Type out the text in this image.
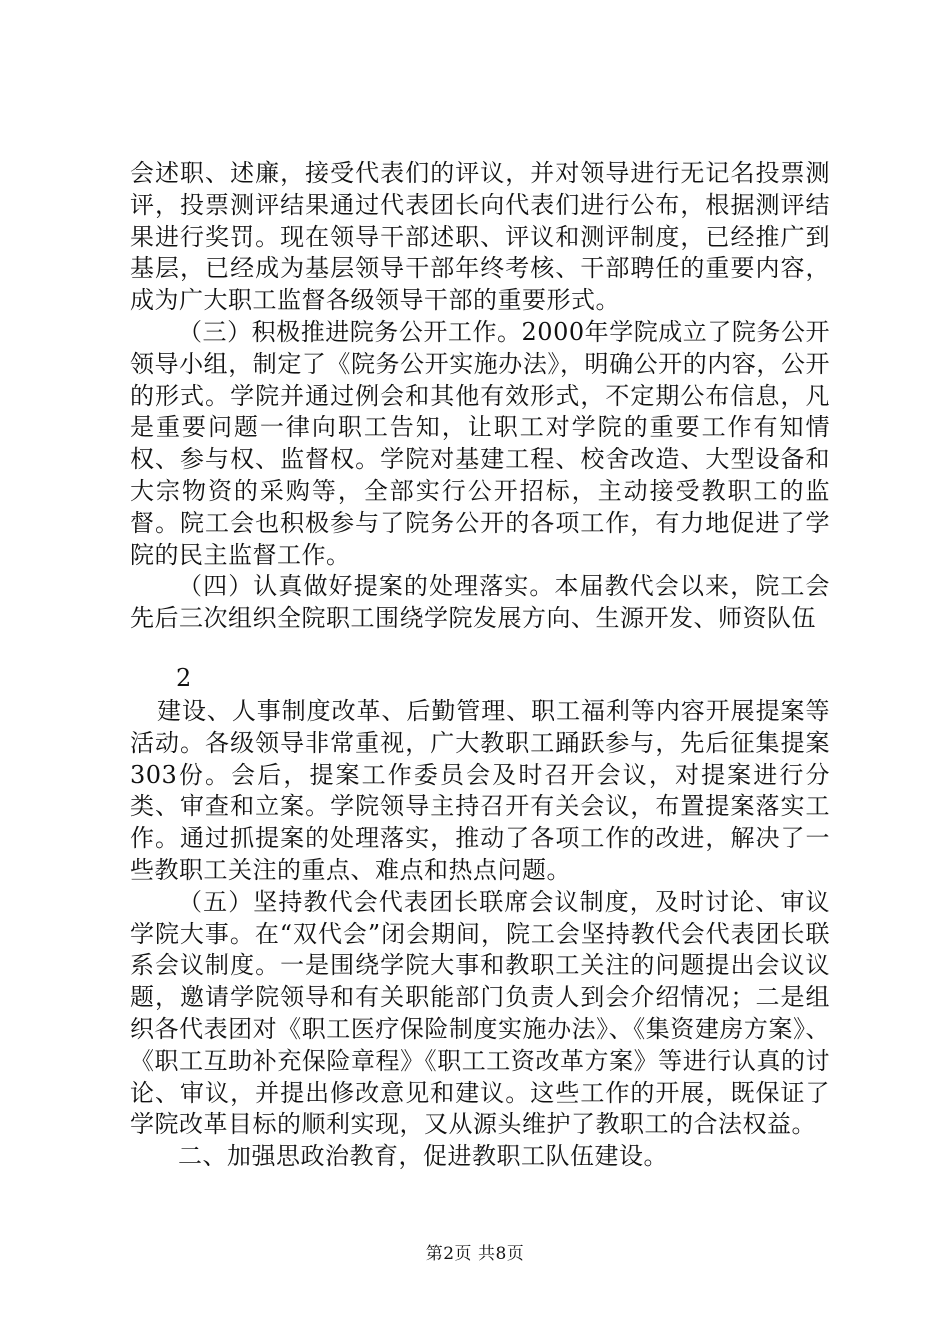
会述职、述廉，接受代表们的评议，并对领导进行无记名投票测评，投票测评结果通过代表团长向代表们进行公布，根据测评结果进行奖罚。现在领导干部述职、评议和测评制度，已经推广到基层，已经成为基层领导干部年终考核、干部聘任的重要内容，成为广大职工监督各级领导干部的重要形式。

（三）积极推进院务公开工作。2000年学院成立了院务公开领导小组，制定了《院务公开实施办法》，明确公开的内容，公开的形式。学院并通过例会和其他有效形式，不定期公布信息，凡是重要问题一律向职工告知，让职工对学院的重要工作有知情权、参与权、监督权。学院对基建工程、校舍改造、大型设备和大宗物资的采购等，全部实行公开招标，主动接受教职工的监督。院工会也积极参与了院务公开的各项工作，有力地促进了学院的民主监督工作。

（四）认真做好提案的处理落实。本届教代会以来，院工会先后三次组织全院职工围绕学院发展方向、生源开发、师资队伍

2

建设、人事制度改革、后勤管理、职工福利等内容开展提案等活动。各级领导非常重视，广大教职工踊跃参与，先后征集提案303份。会后，提案工作委员会及时召开会议，对提案进行分类、审查和立案。学院领导主持召开有关会议，布置提案落实工作。通过抓提案的处理落实，推动了各项工作的改进，解决了一些教职工关注的重点、难点和热点问题。

（五）坚持教代会代表团长联席会议制度，及时讨论、审议学院大事。在“双代会”闭会期间，院工会坚持教代会代表团长联系会议制度。一是围绕学院大事和教职工关注的问题提出会议议题，邀请学院领导和有关职能部门负责人到会介绍情况；二是组织各代表团对《职工医疗保险制度实施办法》、《集资建房方案》、《职工互助补充保险章程》《职工工资改革方案》等进行认真的讨论、审议，并提出修改意见和建议。这些工作的开展，既保证了学院改革目标的顺利实现，又从源头维护了教职工的合法权益。

二、加强思政治教育，促进教职工队伍建设。

第2页 共8页
